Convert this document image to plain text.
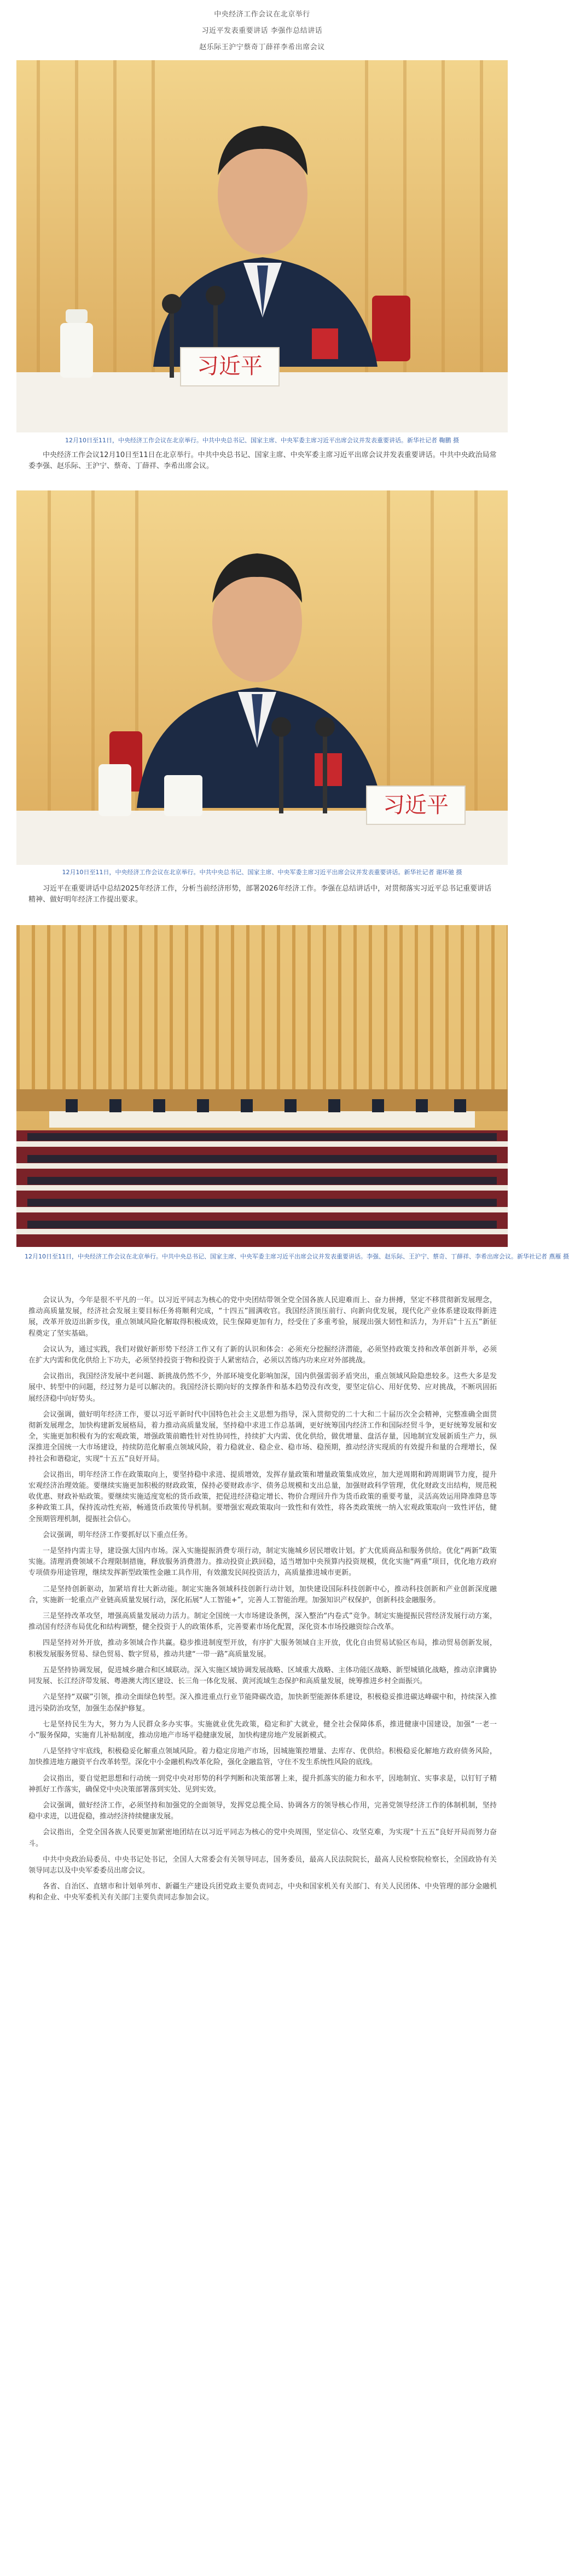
中央经济工作会议在北京举行
习近平发表重要讲话 李强作总结讲话
赵乐际王沪宁蔡奇丁薛祥李希出席会议
习近平
12月10日至11日，中央经济工作会议在北京举行。中共中央总书记、国家主席、中央军委主席习近平出席会议并发表重要讲话。新华社记者 鞠鹏 摄

中央经济工作会议12月10日至11日在北京举行。中共中央总书记、国家主席、中央军委主席习近平出席会议并发表重要讲话。中共中央政治局常委李强、赵乐际、王沪宁、蔡奇、丁薛祥、李希出席会议。

习近平
12月10日至11日，中央经济工作会议在北京举行。中共中央总书记、国家主席、中央军委主席习近平出席会议并发表重要讲话。新华社记者 谢环驰 摄

习近平在重要讲话中总结2025年经济工作，分析当前经济形势，部署2026年经济工作。李强在总结讲话中，对贯彻落实习近平总书记重要讲话精神、做好明年经济工作提出要求。

12月10日至11日，中央经济工作会议在北京举行。中共中央总书记、国家主席、中央军委主席习近平出席会议并发表重要讲话。李强、赵乐际、王沪宁、蔡奇、丁薛祥、李希出席会议。新华社记者 燕雁 摄

会议认为，今年是很不平凡的一年。以习近平同志为核心的党中央团结带领全党全国各族人民迎难而上、奋力拼搏，坚定不移贯彻新发展理念，推动高质量发展，经济社会发展主要目标任务将顺利完成，“十四五”圆满收官。我国经济顶压前行、向新向优发展，现代化产业体系建设取得新进展，改革开放迈出新步伐，重点领域风险化解取得积极成效，民生保障更加有力，经受住了多重考验，展现出强大韧性和活力，为开启“十五五”新征程奠定了坚实基础。

会议认为，通过实践，我们对做好新形势下经济工作又有了新的认识和体会：必须充分挖掘经济潜能，必须坚持政策支持和改革创新并举，必须在扩大内需和优化供给上下功夫，必须坚持投资于物和投资于人紧密结合，必须以苦练内功来应对外部挑战。

会议指出，我国经济发展中老问题、新挑战仍然不少，外部环境变化影响加深，国内供强需弱矛盾突出，重点领域风险隐患较多。这些大多是发展中、转型中的问题，经过努力是可以解决的。我国经济长期向好的支撑条件和基本趋势没有改变，要坚定信心、用好优势、应对挑战，不断巩固拓展经济稳中向好势头。

会议强调，做好明年经济工作，要以习近平新时代中国特色社会主义思想为指导，深入贯彻党的二十大和二十届历次全会精神，完整准确全面贯彻新发展理念，加快构建新发展格局，着力推动高质量发展，坚持稳中求进工作总基调，更好统筹国内经济工作和国际经贸斗争，更好统筹发展和安全，实施更加积极有为的宏观政策，增强政策前瞻性针对性协同性，持续扩大内需、优化供给，做优增量、盘活存量，因地制宜发展新质生产力，纵深推进全国统一大市场建设，持续防范化解重点领域风险，着力稳就业、稳企业、稳市场、稳预期，推动经济实现质的有效提升和量的合理增长，保持社会和谐稳定，实现“十五五”良好开局。

会议指出，明年经济工作在政策取向上，要坚持稳中求进、提质增效，发挥存量政策和增量政策集成效应，加大逆周期和跨周期调节力度，提升宏观经济治理效能。要继续实施更加积极的财政政策，保持必要财政赤字、债务总规模和支出总量，加强财政科学管理，优化财政支出结构，规范税收优惠、财政补贴政策。要继续实施适度宽松的货币政策，把促进经济稳定增长、物价合理回升作为货币政策的重要考量，灵活高效运用降准降息等多种政策工具，保持流动性充裕，畅通货币政策传导机制。要增强宏观政策取向一致性和有效性，将各类政策统一纳入宏观政策取向一致性评估，健全预期管理机制，提振社会信心。

会议强调，明年经济工作要抓好以下重点任务。

一是坚持内需主导，建设强大国内市场。深入实施提振消费专项行动，制定实施城乡居民增收计划。扩大优质商品和服务供给。优化“两新”政策实施。清理消费领域不合理限制措施，释放服务消费潜力。推动投资止跌回稳，适当增加中央预算内投资规模，优化实施“两重”项目，优化地方政府专项债券用途管理，继续发挥新型政策性金融工具作用，有效激发民间投资活力，高质量推进城市更新。

二是坚持创新驱动，加紧培育壮大新动能。制定实施各领域科技创新行动计划，加快建设国际科技创新中心，推动科技创新和产业创新深度融合，实施新一轮重点产业链高质量发展行动，深化拓展“人工智能+”，完善人工智能治理。加强知识产权保护，创新科技金融服务。

三是坚持改革攻坚，增强高质量发展动力活力。制定全国统一大市场建设条例，深入整治“内卷式”竞争。制定实施提振民营经济发展行动方案，推动国有经济布局优化和结构调整，健全投资于人的政策体系，完善要素市场化配置，深化资本市场投融资综合改革。

四是坚持对外开放，推动多领域合作共赢。稳步推进制度型开放，有序扩大服务领域自主开放，优化自由贸易试验区布局，推动贸易创新发展，积极发展服务贸易、绿色贸易、数字贸易，推动共建“一带一路”高质量发展。

五是坚持协调发展，促进城乡融合和区域联动。深入实施区域协调发展战略、区域重大战略、主体功能区战略、新型城镇化战略，推动京津冀协同发展、长江经济带发展、粤港澳大湾区建设、长三角一体化发展、黄河流域生态保护和高质量发展，统筹推进乡村全面振兴。

六是坚持“双碳”引领，推动全面绿色转型。深入推进重点行业节能降碳改造，加快新型能源体系建设，积极稳妥推进碳达峰碳中和，持续深入推进污染防治攻坚，加强生态保护修复。

七是坚持民生为大，努力为人民群众多办实事。实施就业优先政策，稳定和扩大就业，健全社会保障体系，推进健康中国建设，加强“一老一小”服务保障，实施育儿补贴制度，推动房地产市场平稳健康发展，加快构建房地产发展新模式。

八是坚持守牢底线，积极稳妥化解重点领域风险。着力稳定房地产市场，因城施策控增量、去库存、优供给。积极稳妥化解地方政府债务风险，加快推进地方融资平台改革转型。深化中小金融机构改革化险，强化金融监管，守住不发生系统性风险的底线。

会议指出，要自觉把思想和行动统一到党中央对形势的科学判断和决策部署上来，提升抓落实的能力和水平，因地制宜、实事求是，以钉钉子精神抓好工作落实，确保党中央决策部署落到实处、见到实效。

会议强调，做好经济工作，必须坚持和加强党的全面领导，发挥党总揽全局、协调各方的领导核心作用，完善党领导经济工作的体制机制，坚持稳中求进，以进促稳，推动经济持续健康发展。

会议指出，全党全国各族人民要更加紧密地团结在以习近平同志为核心的党中央周围，坚定信心、攻坚克难，为实现“十五五”良好开局而努力奋斗。

中共中央政治局委员、中央书记处书记，全国人大常委会有关领导同志，国务委员，最高人民法院院长，最高人民检察院检察长，全国政协有关领导同志以及中央军委委员出席会议。

各省、自治区、直辖市和计划单列市、新疆生产建设兵团党政主要负责同志，中央和国家机关有关部门、有关人民团体、中央管理的部分金融机构和企业、中央军委机关有关部门主要负责同志参加会议。
